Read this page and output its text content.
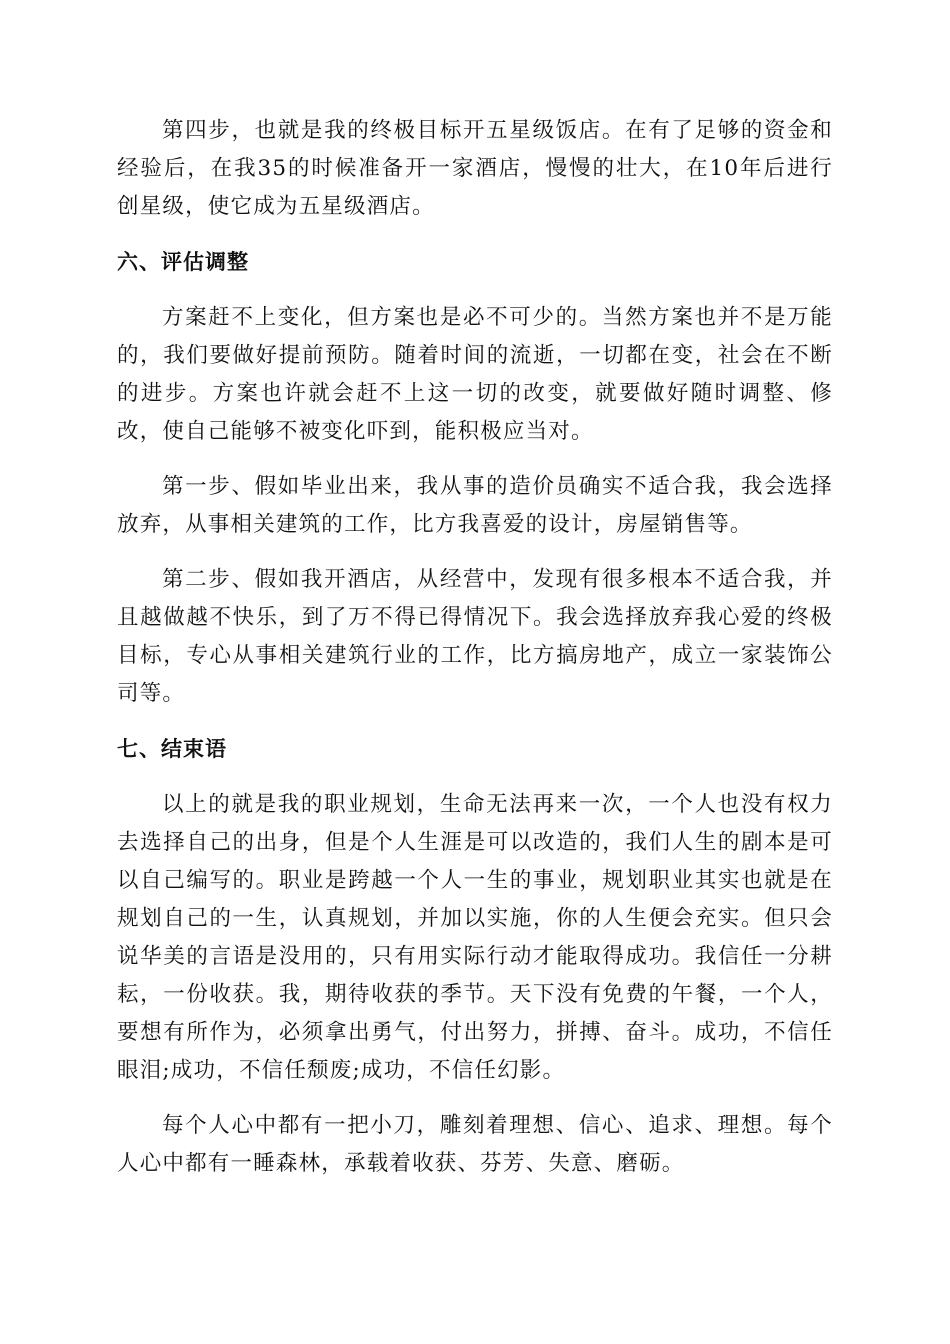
第四步，也就是我的终极目标开五星级饭店。在有了足够的资金和经验后，在我35的时候准备开一家酒店，慢慢的壮大，在10年后进行创星级，使它成为五星级酒店。

六、评估调整

方案赶不上变化，但方案也是必不可少的。当然方案也并不是万能的，我们要做好提前预防。随着时间的流逝，一切都在变，社会在不断的进步。方案也许就会赶不上这一切的改变，就要做好随时调整、修改，使自己能够不被变化吓到，能积极应当对。

第一步、假如毕业出来，我从事的造价员确实不适合我，我会选择放弃，从事相关建筑的工作，比方我喜爱的设计，房屋销售等。

第二步、假如我开酒店，从经营中，发现有很多根本不适合我，并且越做越不快乐，到了万不得已得情况下。我会选择放弃我心爱的终极目标，专心从事相关建筑行业的工作，比方搞房地产，成立一家装饰公司等。

七、结束语

以上的就是我的职业规划，生命无法再来一次，一个人也没有权力去选择自己的出身，但是个人生涯是可以改造的，我们人生的剧本是可以自己编写的。职业是跨越一个人一生的事业，规划职业其实也就是在规划自己的一生，认真规划，并加以实施，你的人生便会充实。但只会说华美的言语是没用的，只有用实际行动才能取得成功。我信任一分耕耘，一份收获。我，期待收获的季节。天下没有免费的午餐，一个人，要想有所作为，必须拿出勇气，付出努力，拼搏、奋斗。成功，不信任眼泪;成功，不信任颓废;成功，不信任幻影。

每个人心中都有一把小刀，雕刻着理想、信心、追求、理想。每个人心中都有一睡森林，承载着收获、芬芳、失意、磨砺。
